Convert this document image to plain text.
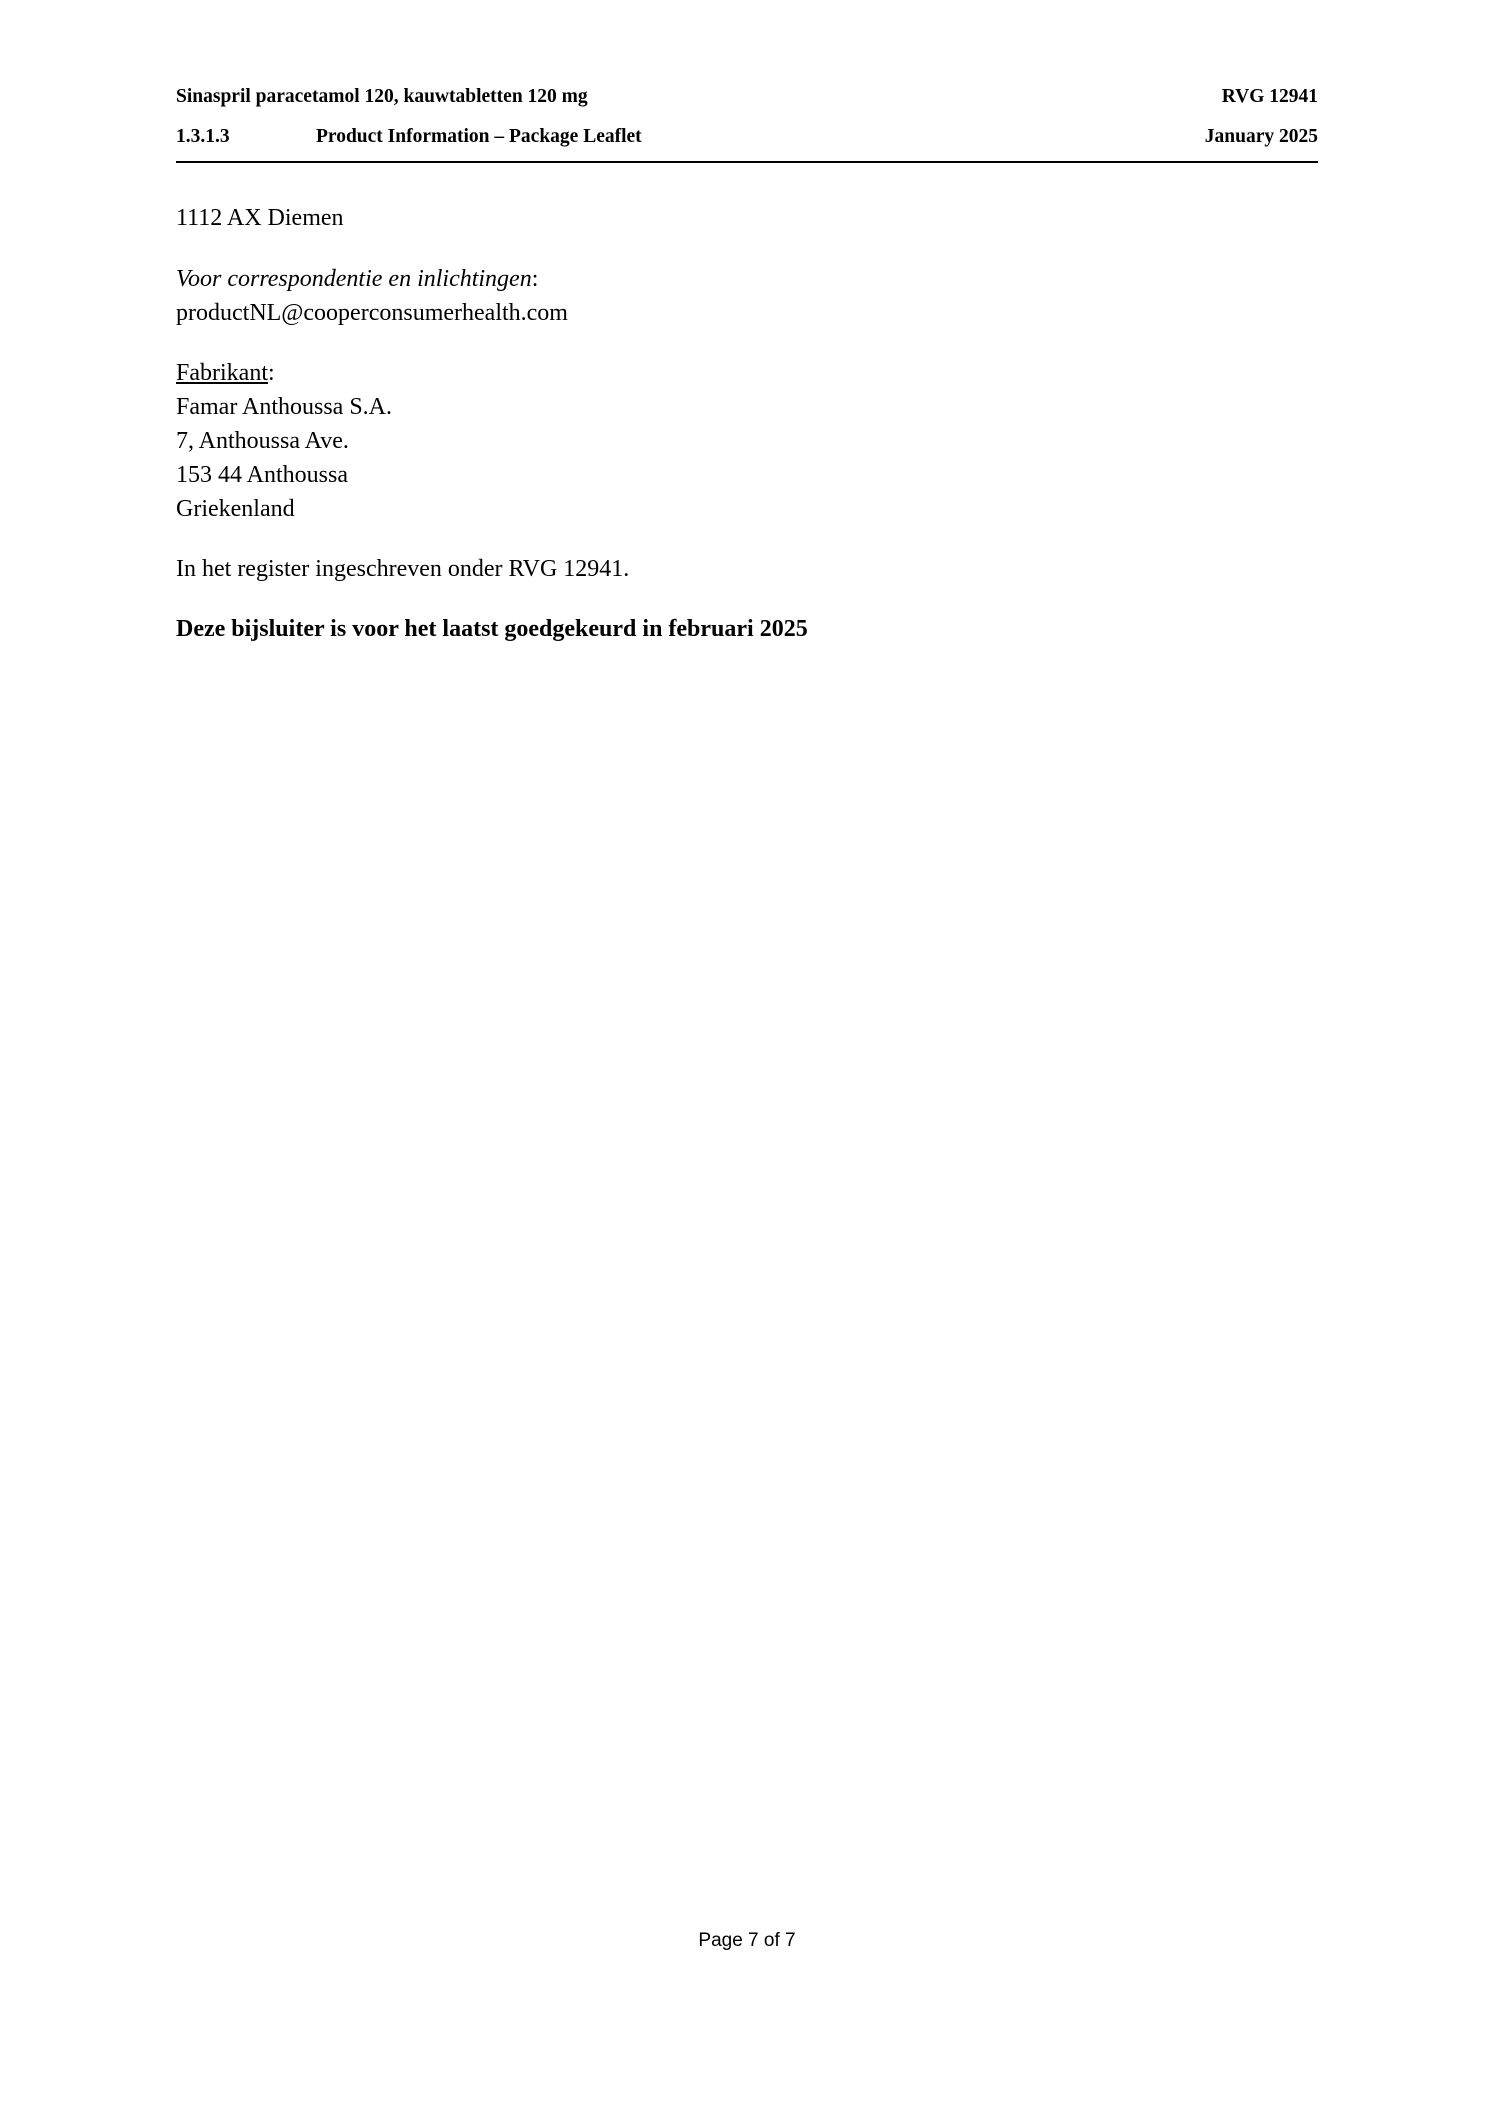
Sinaspril paracetamol 120, kauwtabletten 120 mg	RVG 12941
1.3.1.3	Product Information – Package Leaflet	January 2025
1112 AX Diemen
Voor correspondentie en inlichtingen:
productNL@cooperconsumerhealth.com
Fabrikant:
Famar Anthoussa S.A.
7, Anthoussa Ave.
153 44 Anthoussa
Griekenland
In het register ingeschreven onder RVG 12941.
Deze bijsluiter is voor het laatst goedgekeurd in februari 2025
Page 7 of 7
